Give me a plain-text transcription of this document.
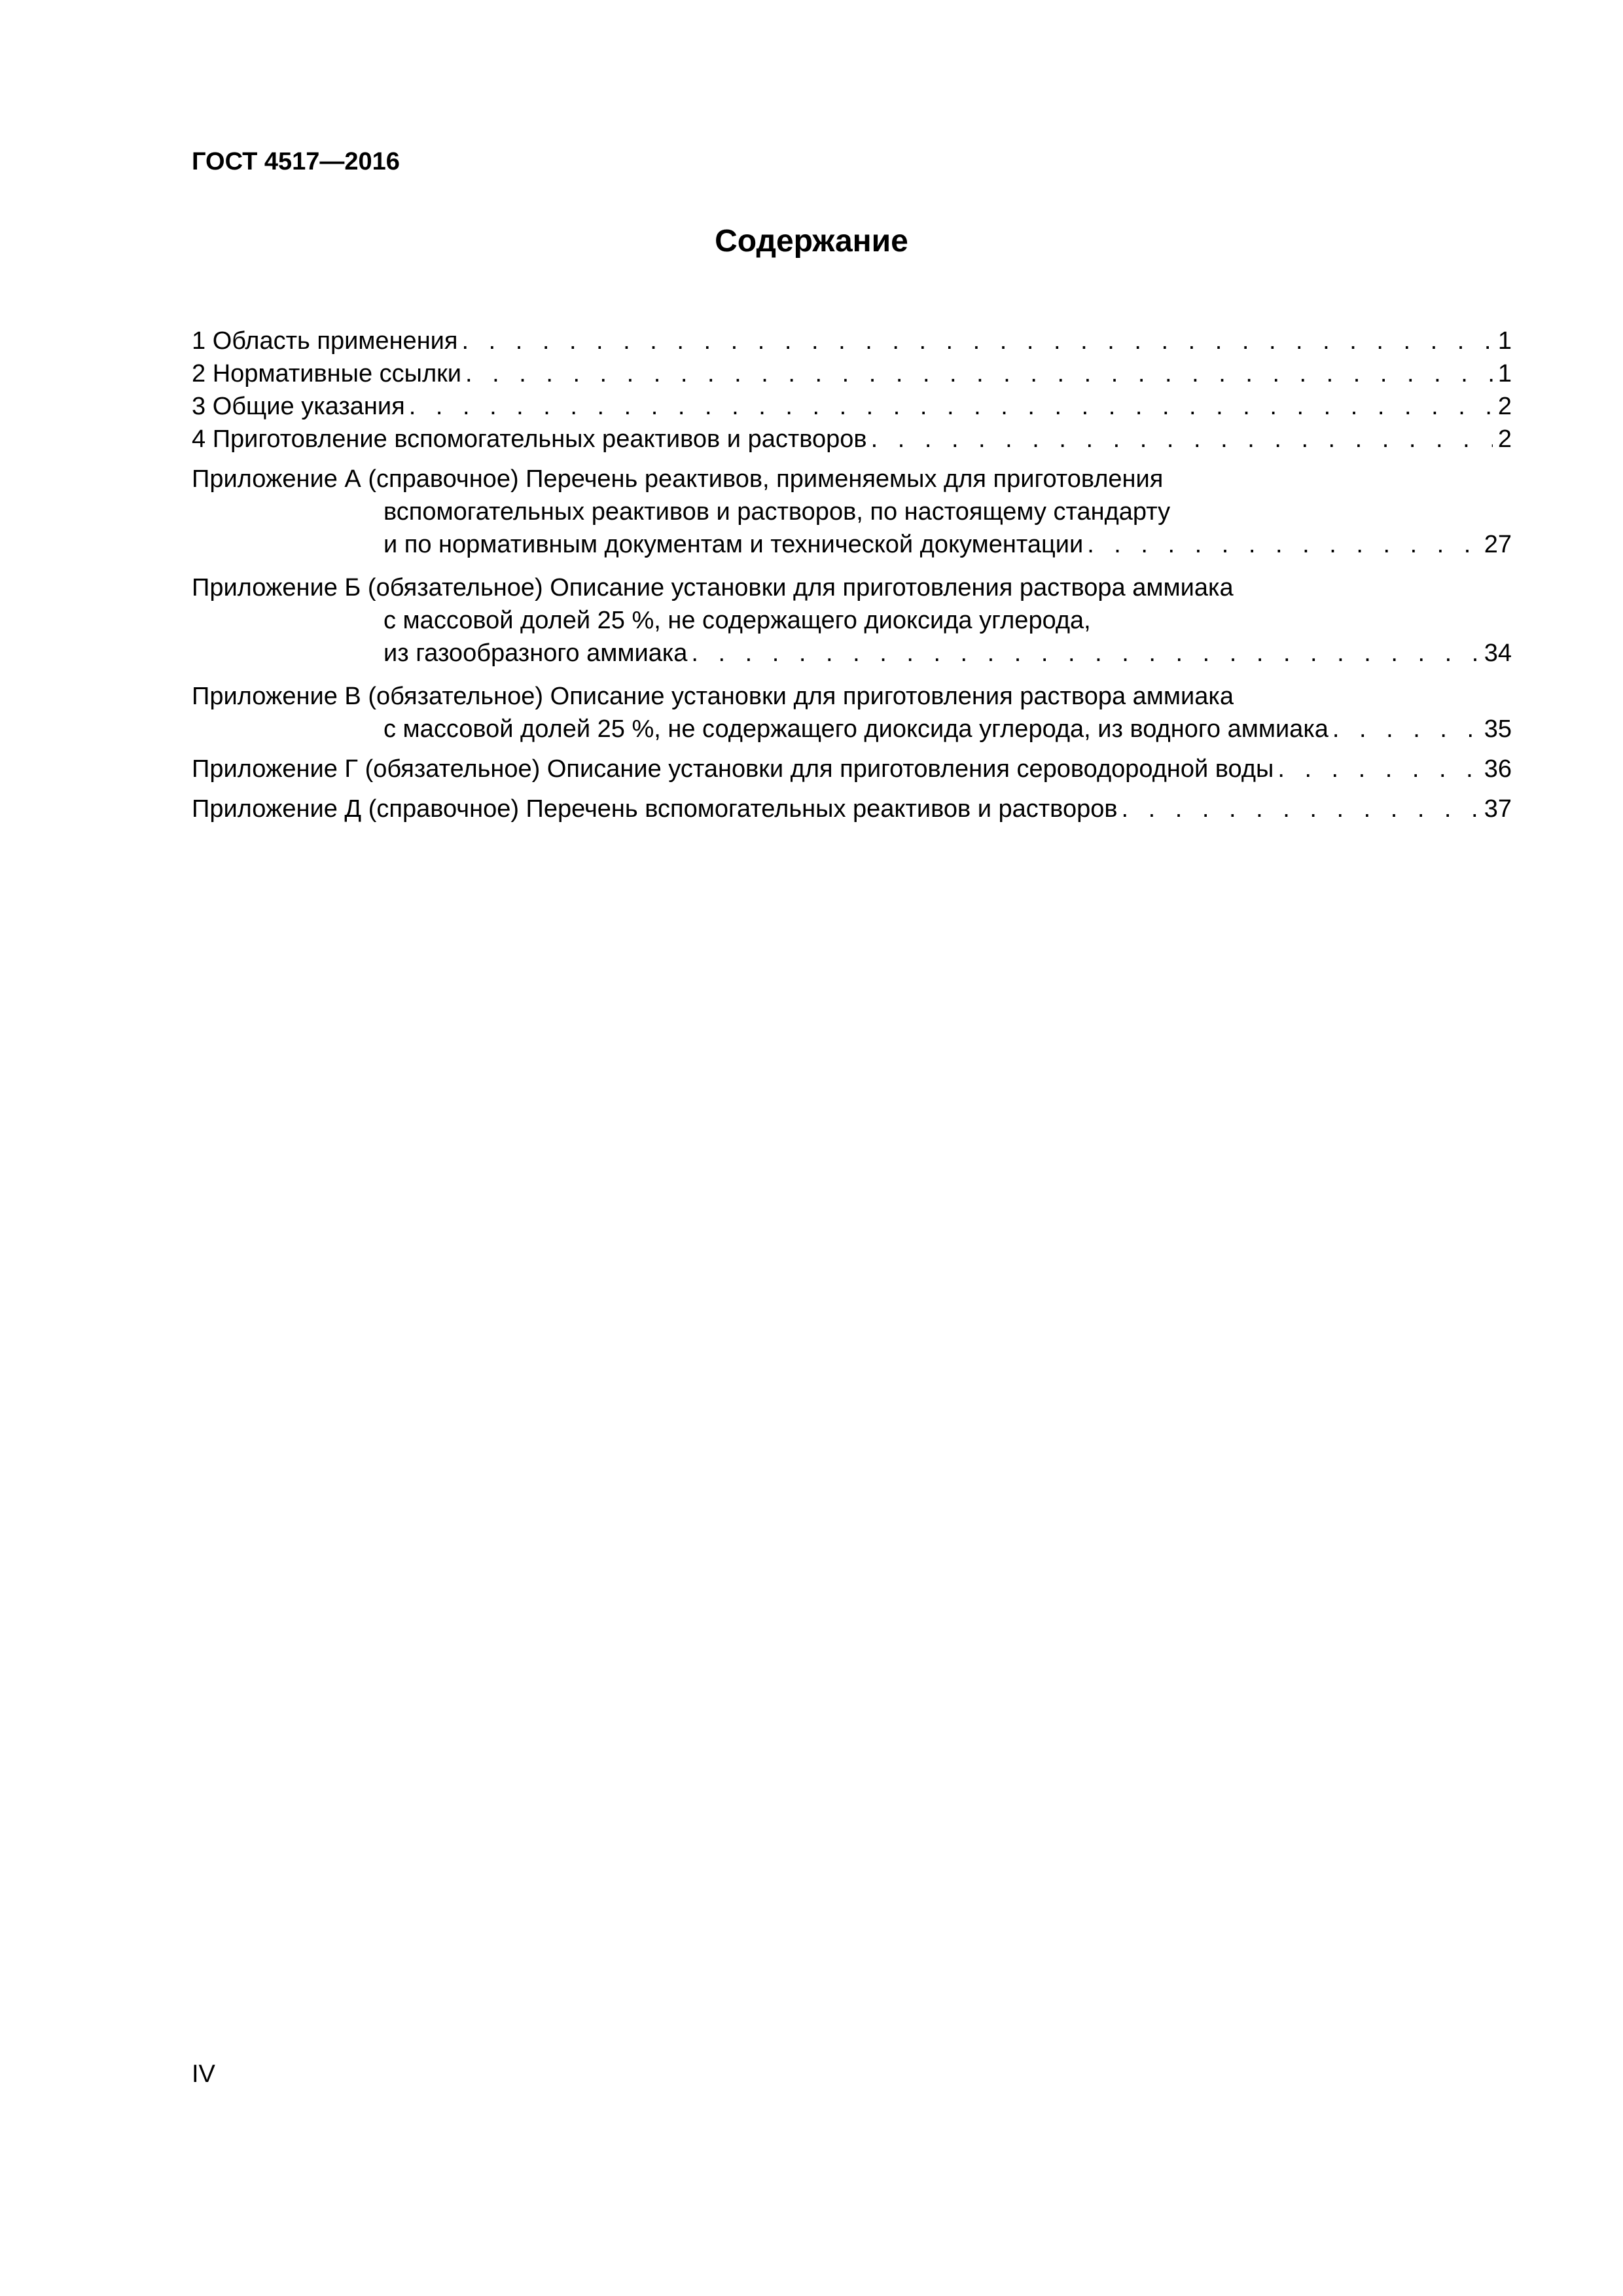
ГОСТ 4517—2016
Содержание
1 Область применения . . .	1
2 Нормативные ссылки . . .	1
3 Общие указания . . .	2
4 Приготовление вспомогательных реактивов и растворов . . .	2
Приложение А (справочное) Перечень реактивов, применяемых для приготовления
вспомогательных реактивов и растворов, по настоящему стандарту
и по нормативным документам и технической документации . . .	27
Приложение Б (обязательное) Описание установки для приготовления раствора аммиака
с массовой долей 25 %, не содержащего диоксида углерода,
из газообразного аммиака . . .	34
Приложение В (обязательное) Описание установки для приготовления раствора аммиака
с массовой долей 25 %, не содержащего диоксида углерода, из водного аммиака . . .	35
Приложение Г (обязательное) Описание установки для приготовления сероводородной воды . . .	36
Приложение Д (справочное) Перечень вспомогательных реактивов и растворов . . .	37
IV
